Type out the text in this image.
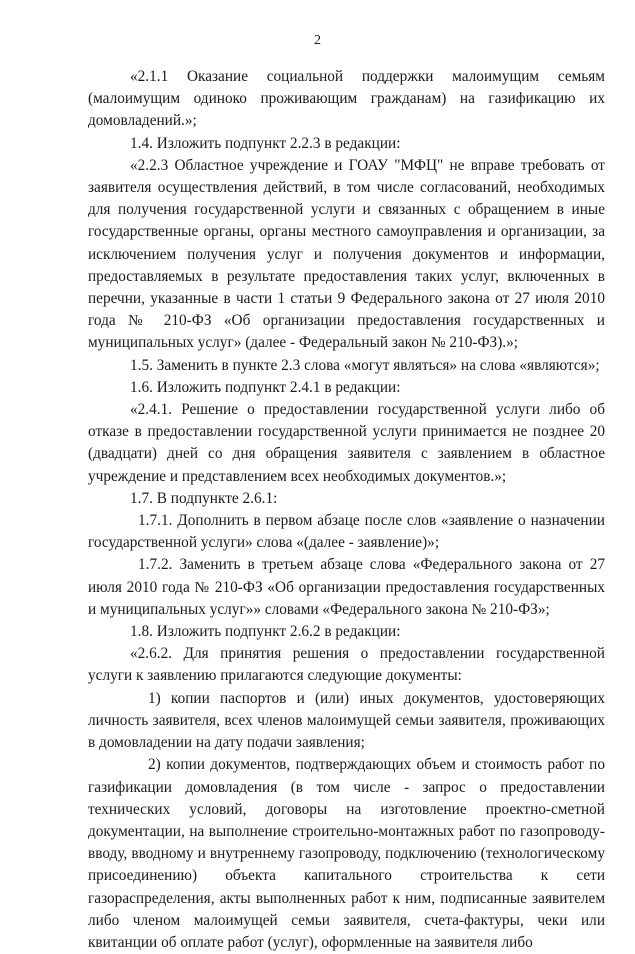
2

«2.1.1 Оказание социальной поддержки малоимущим семьям (малоимущим одиноко проживающим гражданам) на газификацию их домовладений.»;

1.4. Изложить подпункт 2.2.3 в редакции:

«2.2.3 Областное учреждение и ГОАУ "МФЦ" не вправе требовать от заявителя осуществления действий, в том числе согласований, необходимых для получения государственной услуги и связанных с обращением в иные государственные органы, органы местного самоуправления и организации, за исключением получения услуг и получения документов и информации, предоставляемых в результате предоставления таких услуг, включенных в перечни, указанные в части 1 статьи 9 Федерального закона от 27 июля 2010 года № 210-ФЗ «Об организации предоставления государственных и муниципальных услуг» (далее - Федеральный закон № 210-ФЗ).»;

1.5. Заменить в пункте 2.3 слова «могут являться» на слова «являются»;

1.6. Изложить подпункт 2.4.1 в редакции:

«2.4.1. Решение о предоставлении государственной услуги либо об отказе в предоставлении государственной услуги принимается не позднее 20 (двадцати) дней со дня обращения заявителя с заявлением в областное учреждение и представлением всех необходимых документов.»;

1.7. В подпункте 2.6.1:

1.7.1. Дополнить в первом абзаце после слов «заявление о назначении государственной услуги» слова «(далее - заявление)»;

1.7.2. Заменить в третьем абзаце слова «Федерального закона от 27 июля 2010 года № 210-ФЗ «Об организации предоставления государственных и муниципальных услуг»» словами «Федерального закона № 210-ФЗ»;

1.8. Изложить подпункт 2.6.2 в редакции:

«2.6.2. Для принятия решения о предоставлении государственной услуги к заявлению прилагаются следующие документы:

1) копии паспортов и (или) иных документов, удостоверяющих личность заявителя, всех членов малоимущей семьи заявителя, проживающих в домовладении на дату подачи заявления;

2) копии документов, подтверждающих объем и стоимость работ по газификации домовладения (в том числе - запрос о предоставлении технических условий, договоры на изготовление проектно-сметной документации, на выполнение строительно-монтажных работ по газопроводу-вводу, вводному и внутреннему газопроводу, подключению (технологическому присоединению) объекта капитального строительства к сети газораспределения, акты выполненных работ к ним, подписанные заявителем либо членом малоимущей семьи заявителя, счета-фактуры, чеки или квитанции об оплате работ (услуг), оформленные на заявителя либо
